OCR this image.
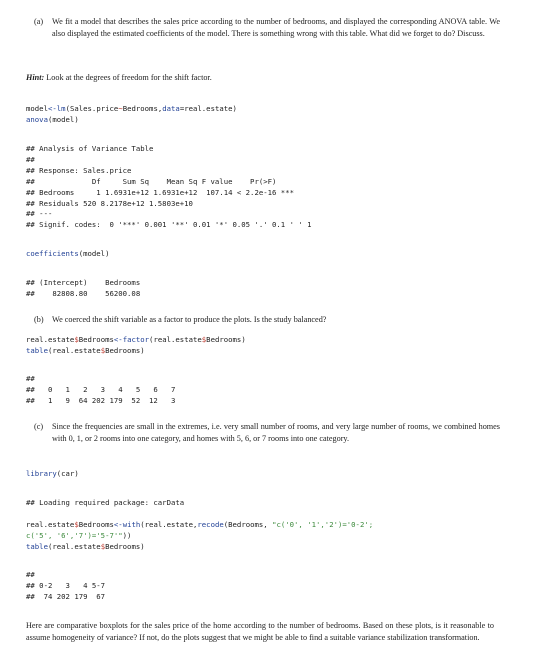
(a) We fit a model that describes the sales price according to the number of bedrooms, and displayed the corresponding ANOVA table. We also displayed the estimated coefficients of the model. There is something wrong with this table. What did we forget to do? Discuss.
Hint: Look at the degrees of freedom for the shift factor.
model<-lm(Sales.price~Bedrooms,data=real.estate)
anova(model)
## Analysis of Variance Table
##
## Response: Sales.price
##             Df     Sum Sq    Mean Sq F value    Pr(>F)
## Bedrooms     1 1.6931e+12 1.6931e+12  107.14 < 2.2e-16 ***
## Residuals 520 8.2178e+12 1.5803e+10
## ---
## Signif. codes:  0 '***' 0.001 '**' 0.01 '*' 0.05 '.' 0.1 ' ' 1
coefficients(model)
## (Intercept)    Bedrooms
##    82808.80    56200.08
(b) We coerced the shift variable as a factor to produce the plots. Is the study balanced?
real.estate$Bedrooms<-factor(real.estate$Bedrooms)
table(real.estate$Bedrooms)
##
##   0   1   2   3   4   5   6   7
##   1   9  64 202 179  52  12   3
(c) Since the frequencies are small in the extremes, i.e. very small number of rooms, and very large number of rooms, we combined homes with 0, 1, or 2 rooms into one category, and homes with 5, 6, or 7 rooms into one category.
library(car)
## Loading required package: carData
real.estate$Bedrooms<-with(real.estate,recode(Bedrooms, "c('0', '1','2')='0-2';
c('5', '6','7')='5-7'"))
table(real.estate$Bedrooms)
##
## 0-2   3   4 5-7
##  74 202 179  67
Here are comparative boxplots for the sales price of the home according to the number of bedrooms. Based on these plots, is it reasonable to assume homogeneity of variance? If not, do the plots suggest that we might be able to find a suitable variance stabilization transformation.
